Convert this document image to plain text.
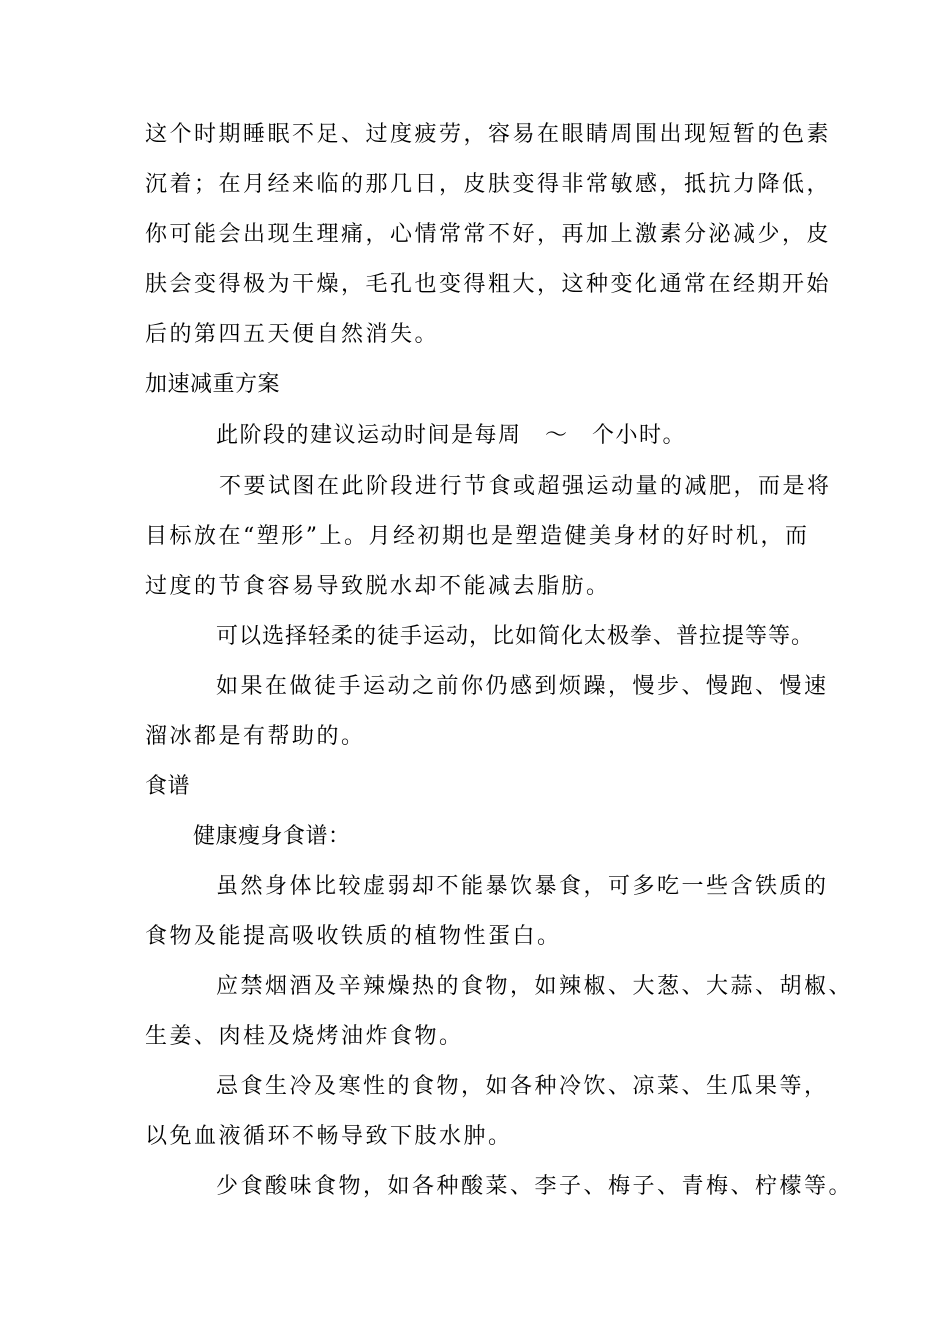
这个时期睡眠不足、过度疲劳，容易在眼睛周围出现短暂的色素

沉着；在月经来临的那几日，皮肤变得非常敏感，抵抗力降低，

你可能会出现生理痛，心情常常不好，再加上激素分泌减少，皮

肤会变得极为干燥，毛孔也变得粗大，这种变化通常在经期开始

后的第四五天便自然消失。

加速减重方案

此阶段的建议运动时间是每周　～　个小时。

不要试图在此阶段进行节食或超强运动量的减肥，而是将

目标放在“塑形”上。月经初期也是塑造健美身材的好时机，而

过度的节食容易导致脱水却不能减去脂肪。

可以选择轻柔的徒手运动，比如简化太极拳、普拉提等等。

如果在做徒手运动之前你仍感到烦躁，慢步、慢跑、慢速

溜冰都是有帮助的。

食谱

健康瘦身食谱：

虽然身体比较虚弱却不能暴饮暴食，可多吃一些含铁质的

食物及能提高吸收铁质的植物性蛋白。

应禁烟酒及辛辣燥热的食物，如辣椒、大葱、大蒜、胡椒、

生姜、肉桂及烧烤油炸食物。

忌食生冷及寒性的食物，如各种冷饮、凉菜、生瓜果等，

以免血液循环不畅导致下肢水肿。

少食酸味食物，如各种酸菜、李子、梅子、青梅、柠檬等。
